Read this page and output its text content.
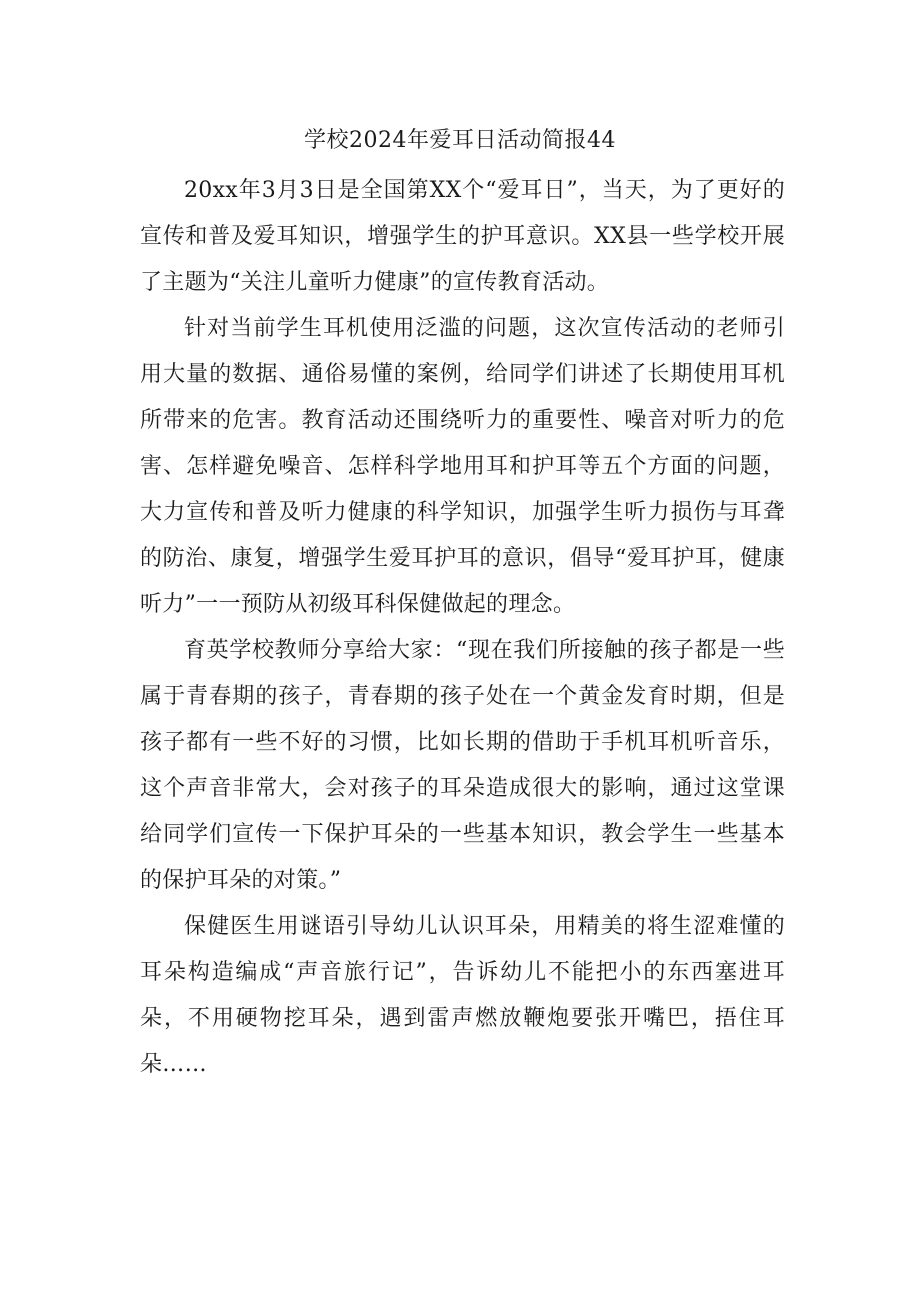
学校2024年爱耳日活动简报44

20xx年3月3日是全国第XX个“爱耳日”，当天，为了更好的宣传和普及爱耳知识，增强学生的护耳意识。XX县一些学校开展了主题为“关注儿童听力健康”的宣传教育活动。

针对当前学生耳机使用泛滥的问题，这次宣传活动的老师引用大量的数据、通俗易懂的案例，给同学们讲述了长期使用耳机所带来的危害。教育活动还围绕听力的重要性、噪音对听力的危害、怎样避免噪音、怎样科学地用耳和护耳等五个方面的问题，大力宣传和普及听力健康的科学知识，加强学生听力损伤与耳聋的防治、康复，增强学生爱耳护耳的意识，倡导“爱耳护耳，健康听力”一一预防从初级耳科保健做起的理念。

育英学校教师分享给大家：“现在我们所接触的孩子都是一些属于青春期的孩子，青春期的孩子处在一个黄金发育时期，但是孩子都有一些不好的习惯，比如长期的借助于手机耳机听音乐，这个声音非常大，会对孩子的耳朵造成很大的影响，通过这堂课给同学们宣传一下保护耳朵的一些基本知识，教会学生一些基本的保护耳朵的对策。”

保健医生用谜语引导幼儿认识耳朵，用精美的将生涩难懂的耳朵构造编成“声音旅行记”，告诉幼儿不能把小的东西塞进耳朵，不用硬物挖耳朵，遇到雷声燃放鞭炮要张开嘴巴，捂住耳朵……
